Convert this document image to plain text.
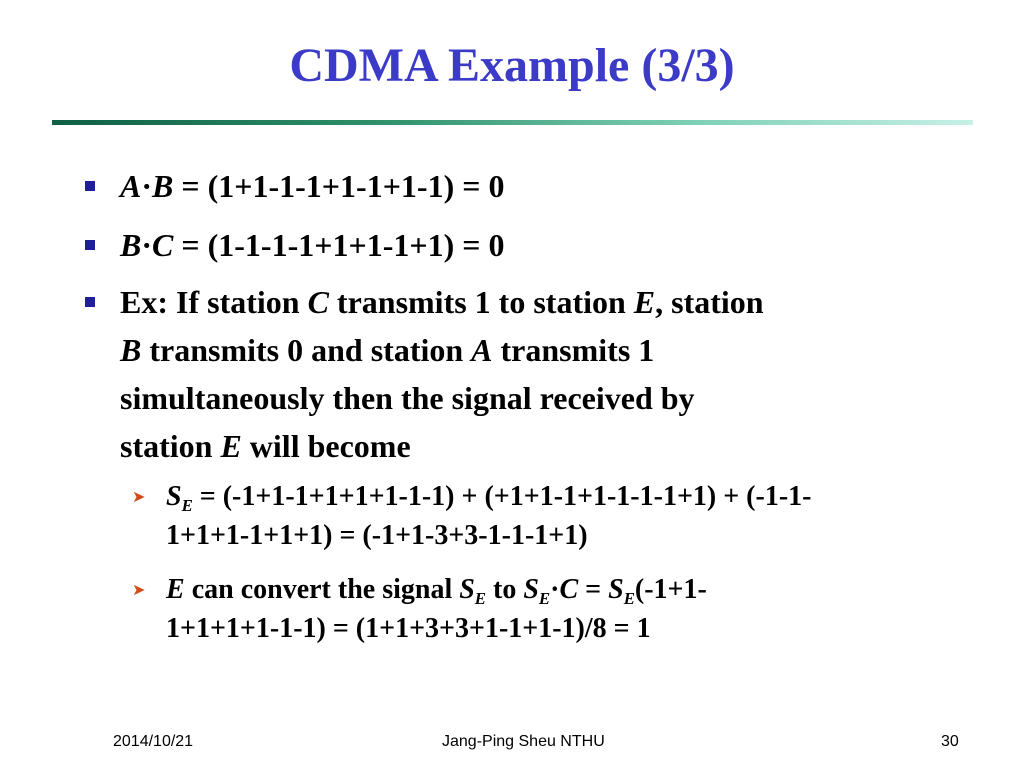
CDMA Example (3/3)
A·B = (1+1-1-1+1-1+1-1) = 0
B·C = (1-1-1-1+1+1-1+1) = 0
Ex: If station C transmits 1 to station E, station
B transmits 0 and station A transmits 1
simultaneously then the signal received by
station E will become
➤ $S_E = (-1+1-1+1+1+1-1-1) + (+1+1-1+1-1-1-1+1) + (-1-1-$
1+1+1-1+1+1) = (-1+1-3+3-1-1-1+1)
➤ E can convert the signal $S_E$ to $S_E\cdot C = S_E(-1+1-$
1+1+1+1-1-1) = (1+1+3+3+1-1+1-1)/8 = 1
2014/10/21	Jang-Ping Sheu NTHU	30
